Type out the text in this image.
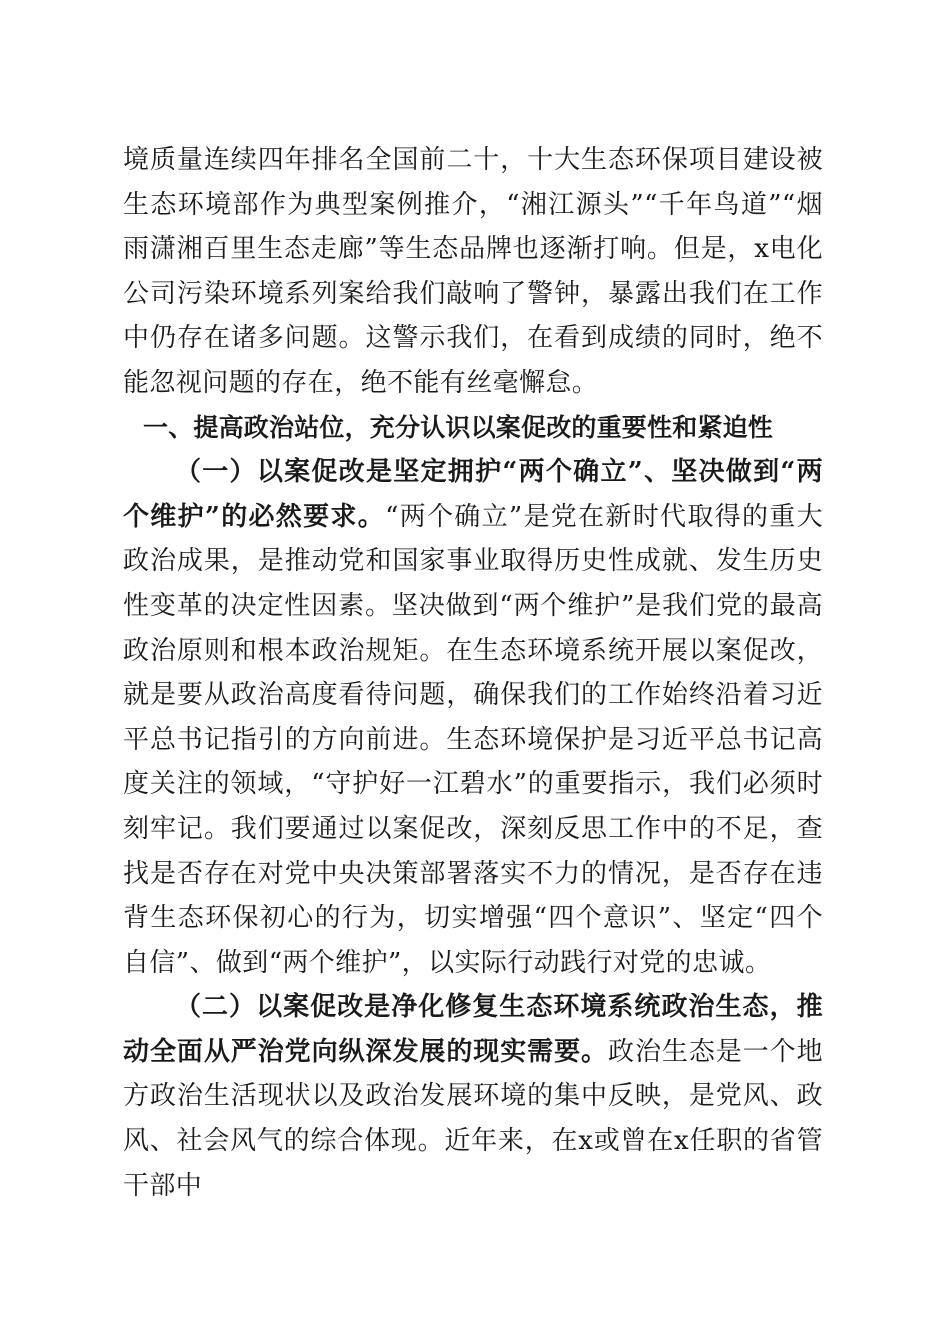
境质量连续四年排名全国前二十，十大生态环保项目建设被生态环境部作为典型案例推介，“湘江源头”“千年鸟道”“烟雨潇湘百里生态走廊”等生态品牌也逐渐打响。但是，x电化公司污染环境系列案给我们敲响了警钟，暴露出我们在工作中仍存在诸多问题。这警示我们，在看到成绩的同时，绝不能忽视问题的存在，绝不能有丝毫懈怠。

一、提高政治站位，充分认识以案促改的重要性和紧迫性

（一）以案促改是坚定拥护“两个确立”、坚决做到“两个维护”的必然要求。“两个确立”是党在新时代取得的重大政治成果，是推动党和国家事业取得历史性成就、发生历史性变革的决定性因素。坚决做到“两个维护”是我们党的最高政治原则和根本政治规矩。在生态环境系统开展以案促改，就是要从政治高度看待问题，确保我们的工作始终沿着习近平总书记指引的方向前进。生态环境保护是习近平总书记高度关注的领域，“守护好一江碧水”的重要指示，我们必须时刻牢记。我们要通过以案促改，深刻反思工作中的不足，查找是否存在对党中央决策部署落实不力的情况，是否存在违背生态环保初心的行为，切实增强“四个意识”、坚定“四个自信”、做到“两个维护”，以实际行动践行对党的忠诚。

（二）以案促改是净化修复生态环境系统政治生态，推动全面从严治党向纵深发展的现实需要。政治生态是一个地方政治生活现状以及政治发展环境的集中反映，是党风、政风、社会风气的综合体现。近年来，在x或曾在x任职的省管干部中
